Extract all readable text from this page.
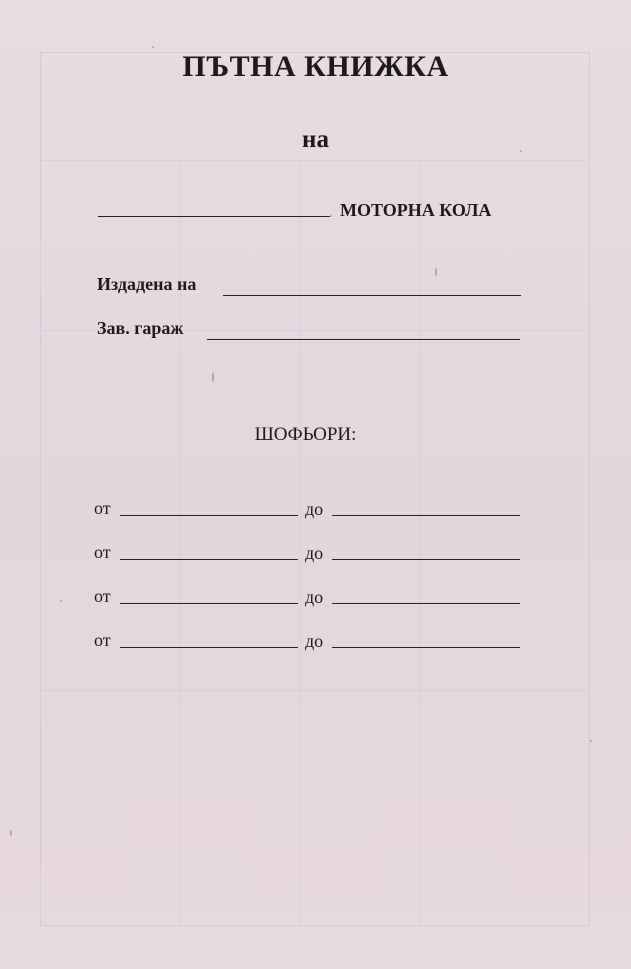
ПЪТНА КНИЖКА
на
МОТОРНА КОЛА
Издадена на
Зав. гараж
ШОФЬОРИ:
от	до
от	до
от	до
от	до
